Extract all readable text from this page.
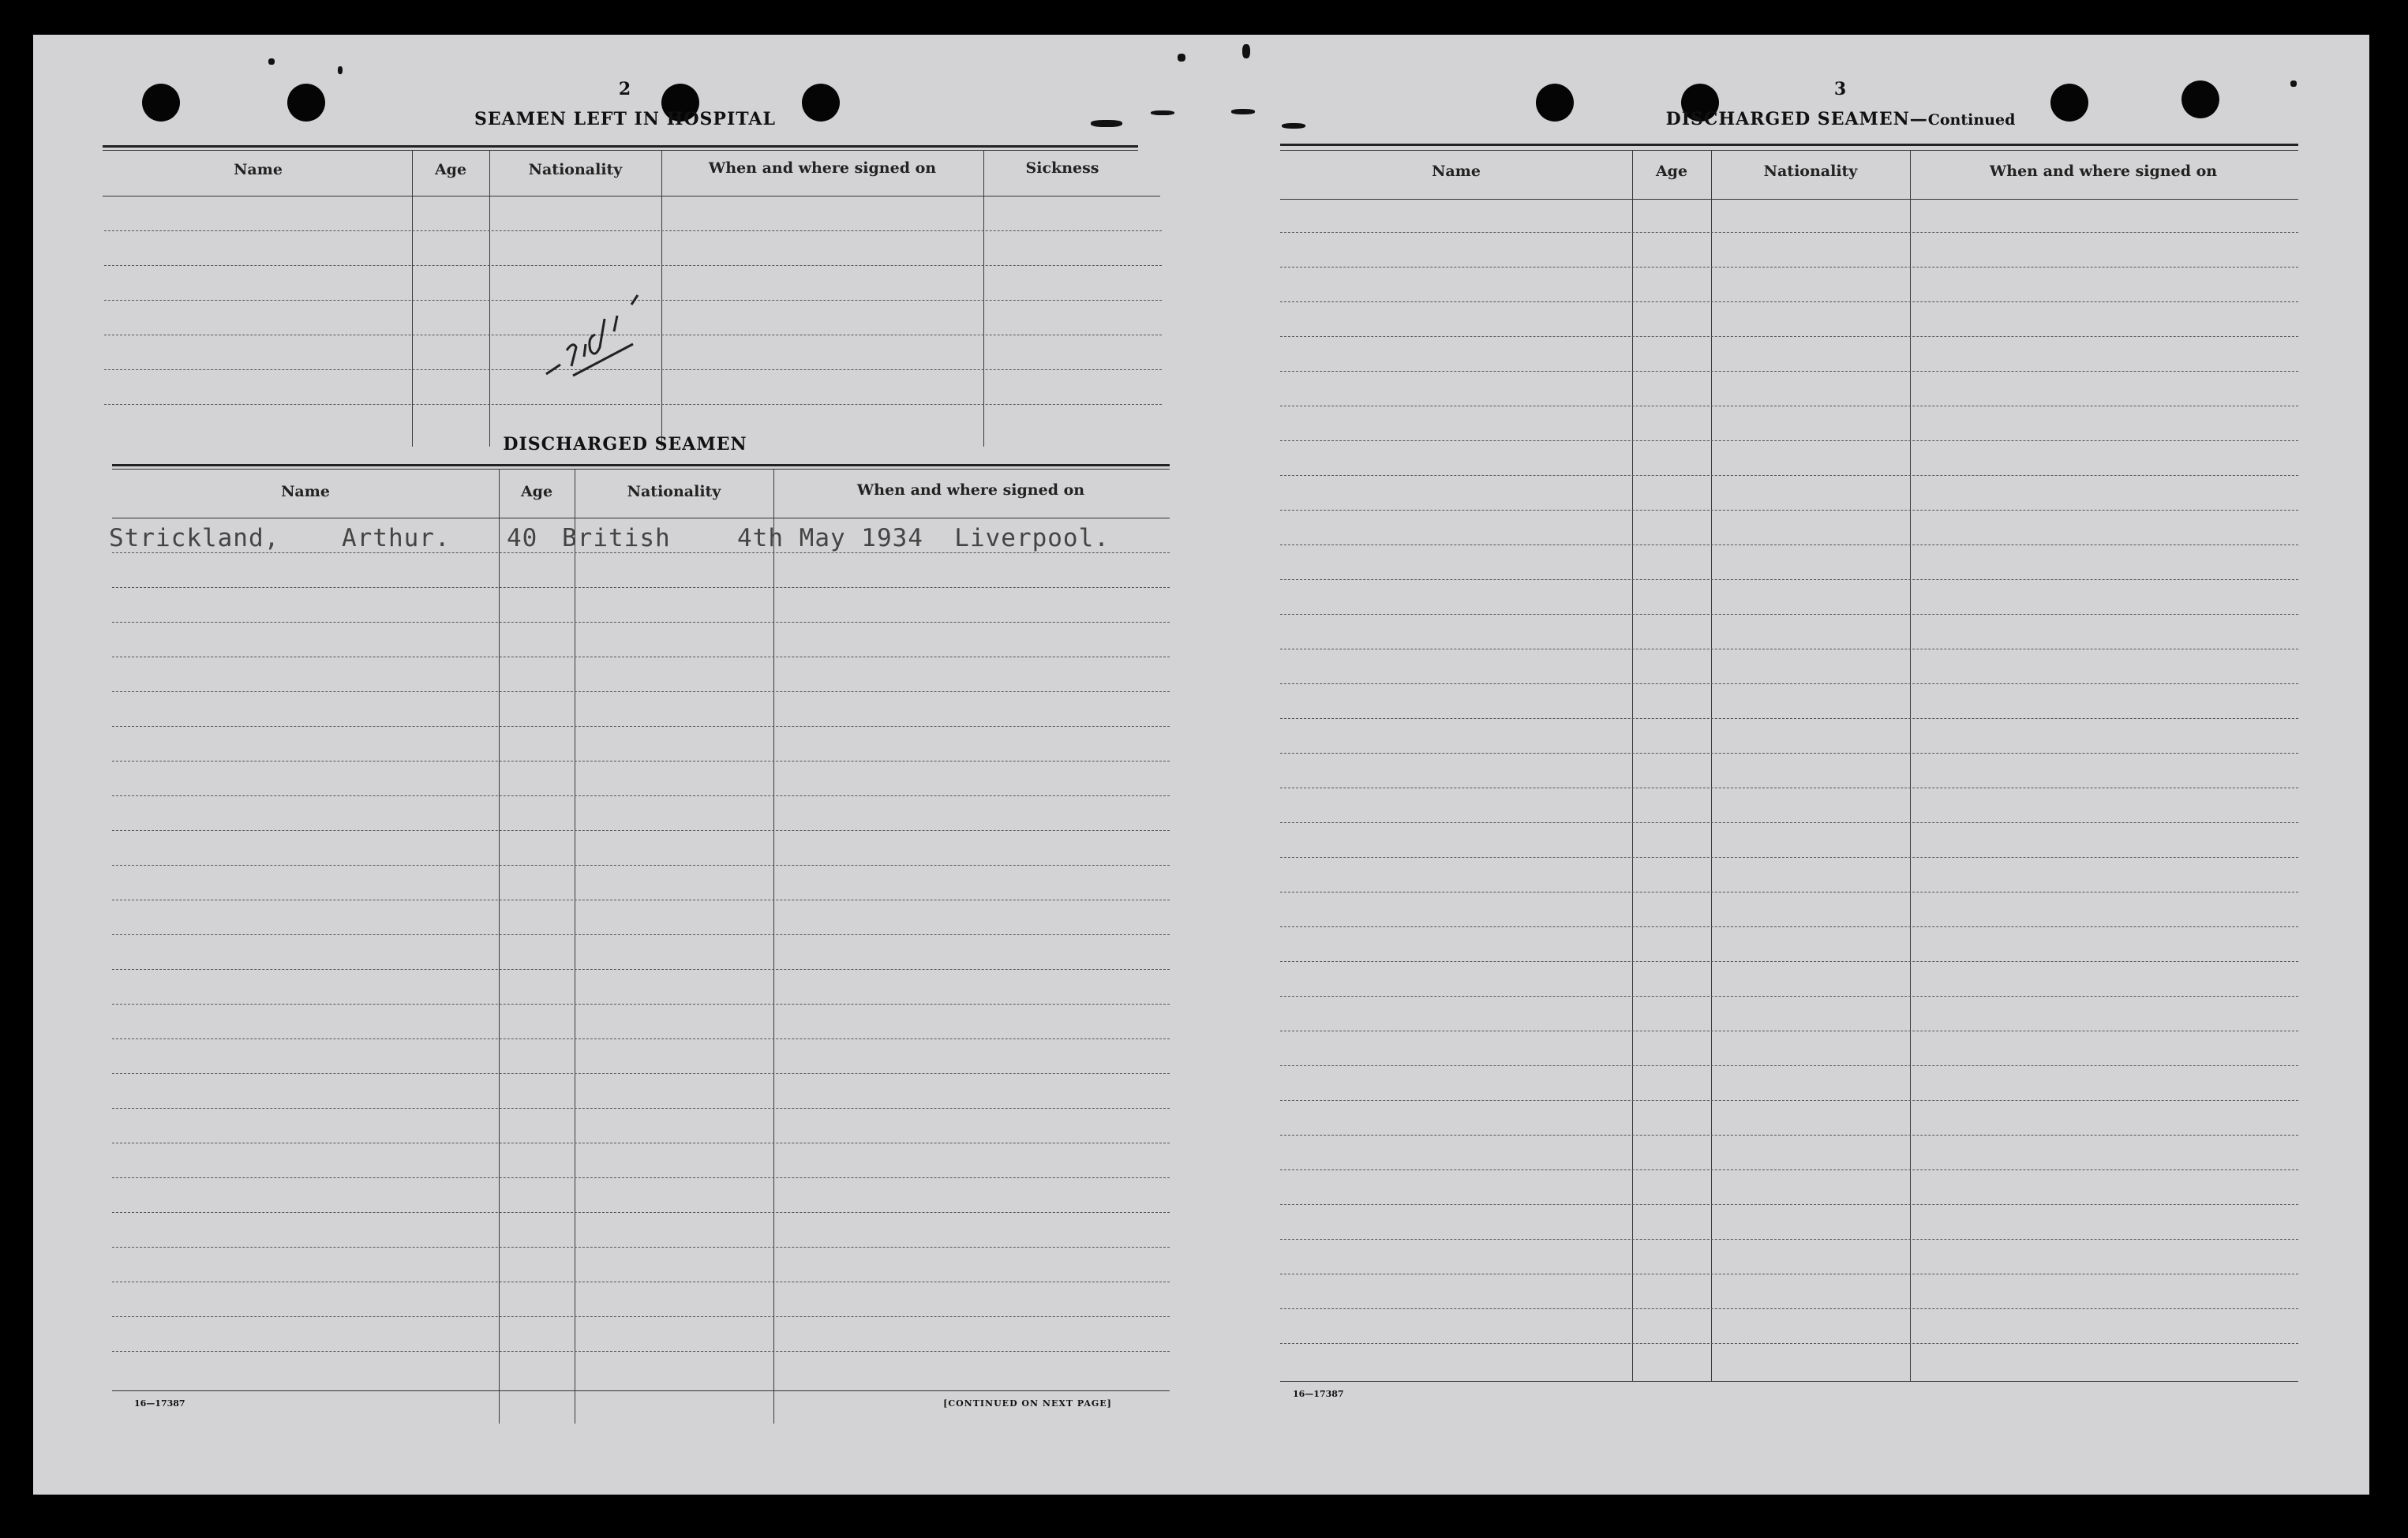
2
SEAMEN LEFT IN HOSPITAL
Name	Age	Nationality	When and where signed on	Sickness
DISCHARGED SEAMEN
Name	Age	Nationality	When and where signed on
Strickland,    Arthur. 40 British	4th May 1934  Liverpool.
16—17387	[CONTINUED ON NEXT PAGE]
3
DISCHARGED SEAMEN—Continued
Name	Age	Nationality	When and where signed on
16—17387
